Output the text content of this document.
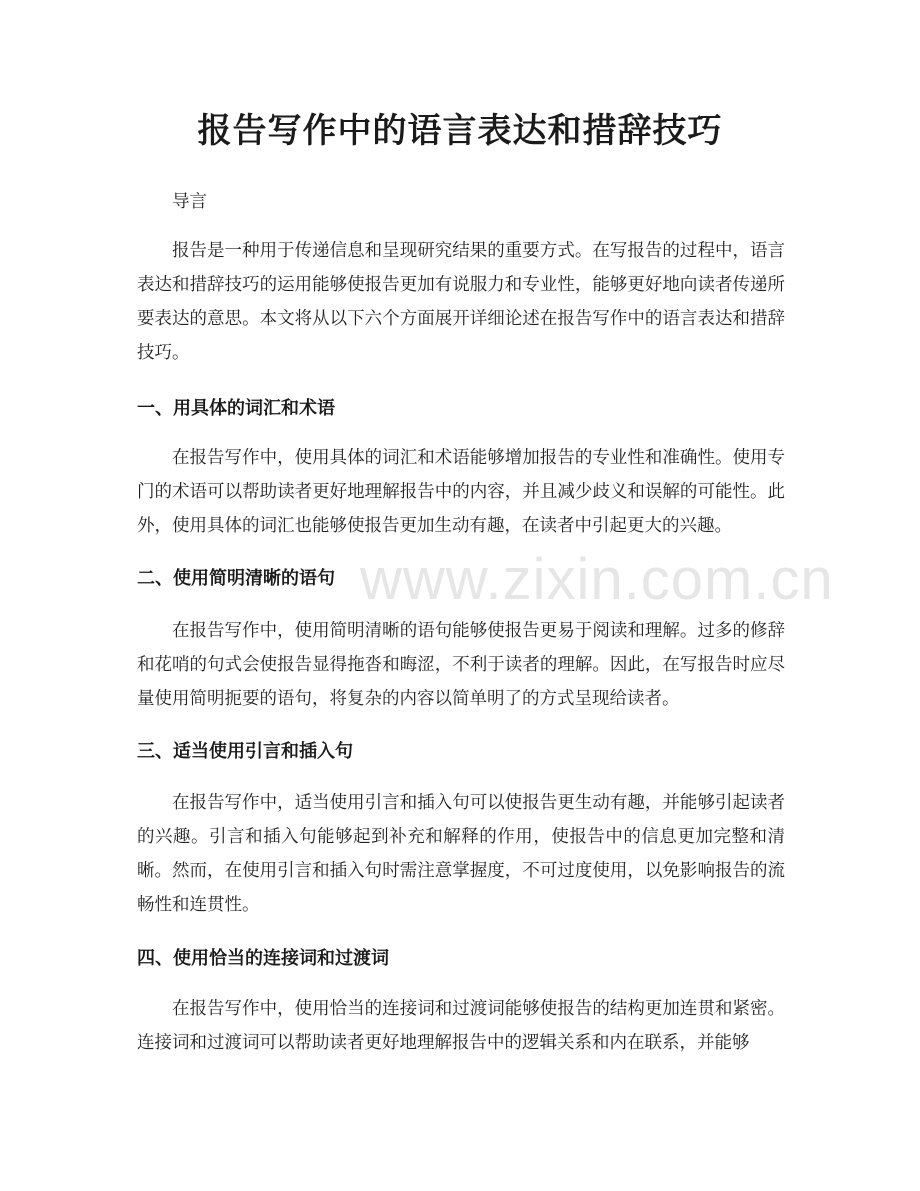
报告写作中的语言表达和措辞技巧

导言

报告是一种用于传递信息和呈现研究结果的重要方式。在写报告的过程中，语言表达和措辞技巧的运用能够使报告更加有说服力和专业性，能够更好地向读者传递所要表达的意思。本文将从以下六个方面展开详细论述在报告写作中的语言表达和措辞技巧。

一、用具体的词汇和术语

在报告写作中，使用具体的词汇和术语能够增加报告的专业性和准确性。使用专门的术语可以帮助读者更好地理解报告中的内容，并且减少歧义和误解的可能性。此外，使用具体的词汇也能够使报告更加生动有趣，在读者中引起更大的兴趣。

二、使用简明清晰的语句

在报告写作中，使用简明清晰的语句能够使报告更易于阅读和理解。过多的修辞和花哨的句式会使报告显得拖沓和晦涩，不利于读者的理解。因此，在写报告时应尽量使用简明扼要的语句，将复杂的内容以简单明了的方式呈现给读者。

三、适当使用引言和插入句

在报告写作中，适当使用引言和插入句可以使报告更生动有趣，并能够引起读者的兴趣。引言和插入句能够起到补充和解释的作用，使报告中的信息更加完整和清晰。然而，在使用引言和插入句时需注意掌握度，不可过度使用，以免影响报告的流畅性和连贯性。

四、使用恰当的连接词和过渡词

在报告写作中，使用恰当的连接词和过渡词能够使报告的结构更加连贯和紧密。连接词和过渡词可以帮助读者更好地理解报告中的逻辑关系和内在联系，并能够

www.zixin.com.cn
